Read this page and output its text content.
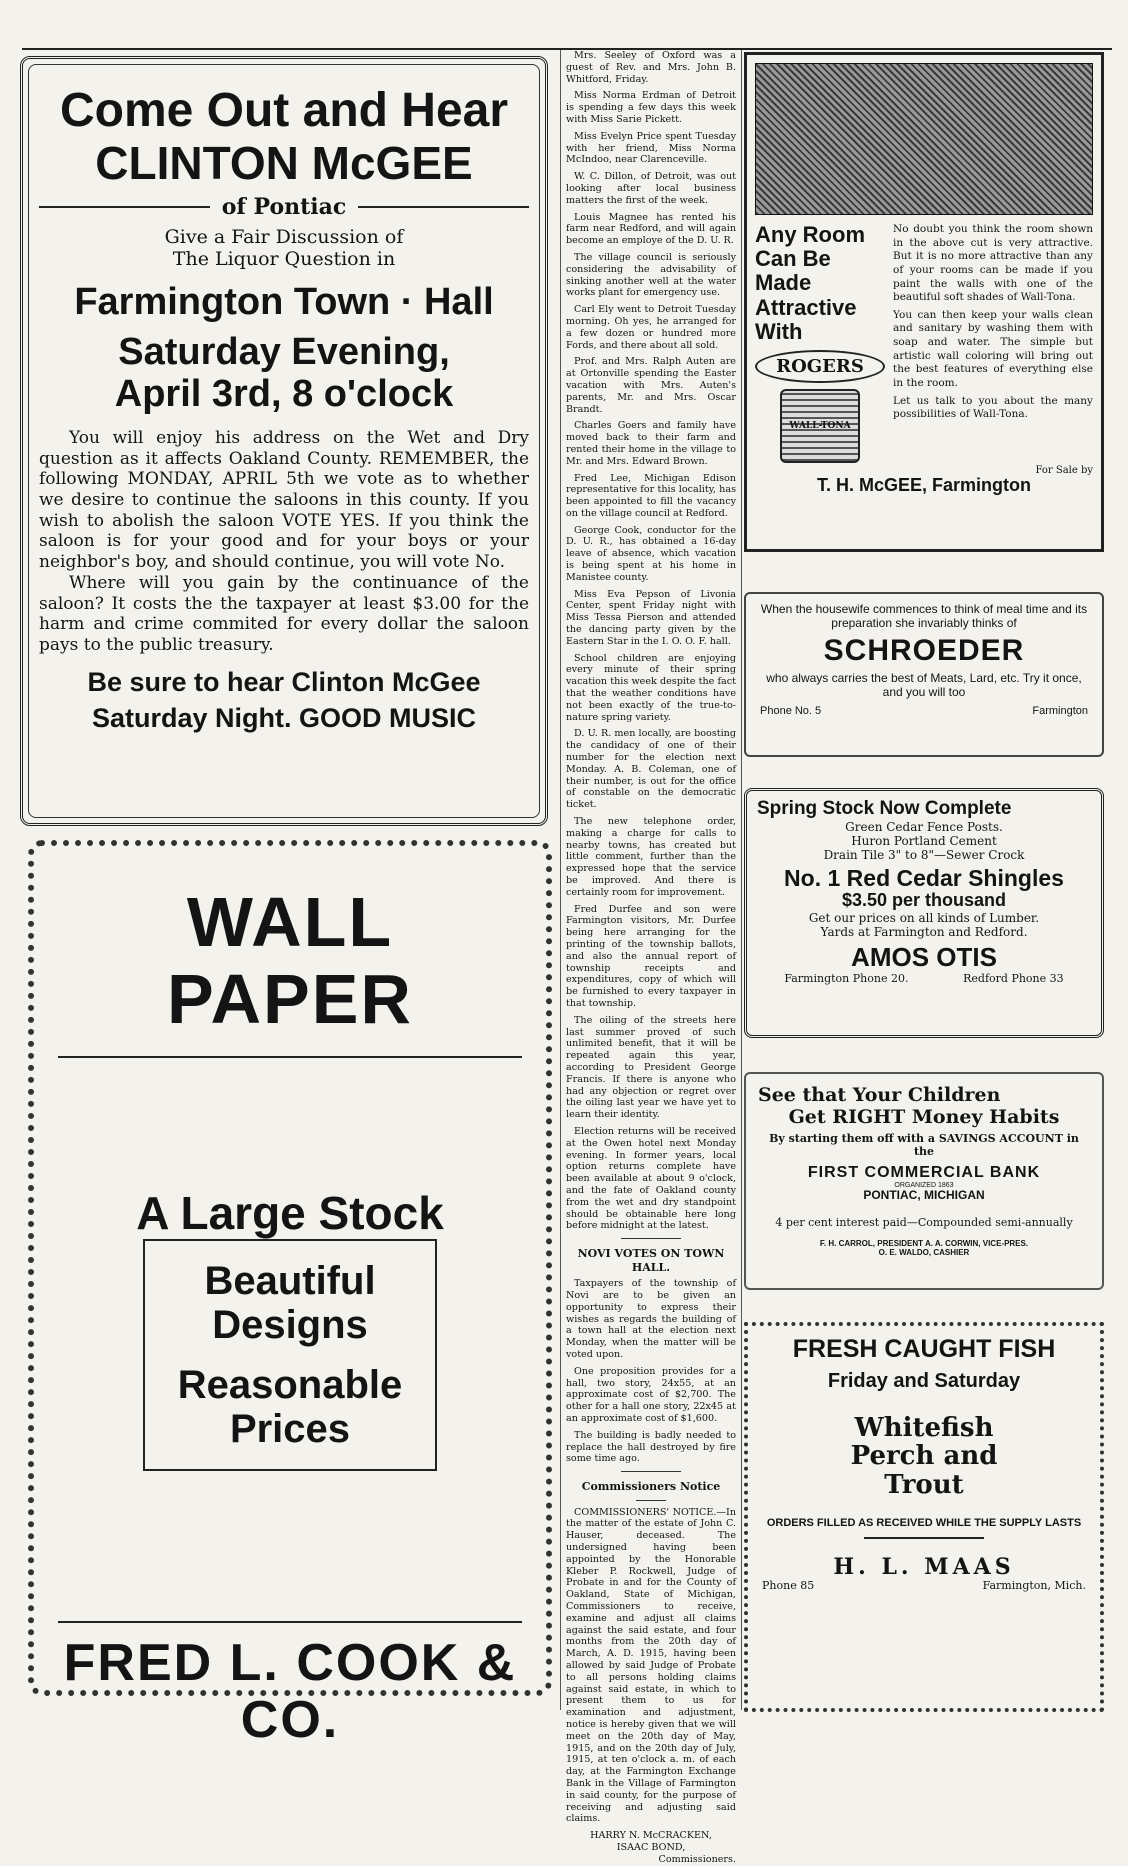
Come Out and Hear
CLINTON McGEE
of Pontiac
Give a Fair Discussion of
The Liquor Question in
Farmington Town · Hall
Saturday Evening,
April 3rd, 8 o'clock

You will enjoy his address on the Wet and Dry question as it affects Oakland County. REMEMBER, the following MONDAY, APRIL 5th we vote as to whether we desire to continue the saloons in this county. If you wish to abolish the saloon VOTE YES. If you think the saloon is for your good and for your boys or your neighbor's boy, and should continue, you will vote No.

Where will you gain by the continuance of the saloon? It costs the the taxpayer at least $3.00 for the harm and crime commited for every dollar the saloon pays to the public treasury.

Be sure to hear Clinton McGee
Saturday Night. GOOD MUSIC
WALL PAPER
A Large Stock
Beautiful
Designs
Reasonable
Prices
FRED L. COOK & CO.

Mrs. Seeley of Oxford was a guest of Rev. and Mrs. John B. Whitford, Friday.

Miss Norma Erdman of Detroit is spending a few days this week with Miss Sarie Pickett.

Miss Evelyn Price spent Tuesday with her friend, Miss Norma McIndoo, near Clarenceville.

W. C. Dillon, of Detroit, was out looking after local business matters the first of the week.

Louis Magnee has rented his farm near Redford, and will again become an employe of the D. U. R.

The village council is seriously considering the advisability of sinking another well at the water works plant for emergency use.

Carl Ely went to Detroit Tuesday morning. Oh yes, he arranged for a few dozen or hundred more Fords, and there about all sold.

Prof. and Mrs. Ralph Auten are at Ortonville spending the Easter vacation with Mrs. Auten's parents, Mr. and Mrs. Oscar Brandt.

Charles Goers and family have moved back to their farm and rented their home in the village to Mr. and Mrs. Edward Brown.

Fred Lee, Michigan Edison representative for this locality, has been appointed to fill the vacancy on the village council at Redford.

George Cook, conductor for the D. U. R., has obtained a 16-day leave of absence, which vacation is being spent at his home in Manistee county.

Miss Eva Pepson of Livonia Center, spent Friday night with Miss Tessa Pierson and attended the dancing party given by the Eastern Star in the I. O. O. F. hall.

School children are enjoying every minute of their spring vacation this week despite the fact that the weather conditions have not been exactly of the true-to-nature spring variety.

D. U. R. men locally, are boosting the candidacy of one of their number for the election next Monday. A. B. Coleman, one of their number, is out for the office of constable on the democratic ticket.

The new telephone order, making a charge for calls to nearby towns, has created but little comment, further than the expressed hope that the service be improved. And there is certainly room for improvement.

Fred Durfee and son were Farmington visitors, Mr. Durfee being here arranging for the printing of the township ballots, and also the annual report of township receipts and expenditures, copy of which will be furnished to every taxpayer in that township.

The oiling of the streets here last summer proved of such unlimited benefit, that it will be repeated again this year, according to President George Francis. If there is anyone who had any objection or regret over the oiling last year we have yet to learn their identity.

Election returns will be received at the Owen hotel next Monday evening. In former years, local option returns complete have been available at about 9 o'clock, and the fate of Oakland county from the wet and dry standpoint should be obtainable here long before midnight at the latest.

NOVI VOTES ON TOWN HALL.

Taxpayers of the township of Novi are to be given an opportunity to express their wishes as regards the building of a town hall at the election next Monday, when the matter will be voted upon.

One proposition provides for a hall, two story, 24x55, at an approximate cost of $2,700. The other for a hall one story, 22x45 at an approximate cost of $1,600.

The building is badly needed to replace the hall destroyed by fire some time ago.

Commissioners Notice

COMMISSIONERS' NOTICE.—In the matter of the estate of John C. Hauser, deceased. The undersigned having been appointed by the Honorable Kleber P. Rockwell, Judge of Probate in and for the County of Oakland, State of Michigan, Commissioners to receive, examine and adjust all claims against the said estate, and four months from the 20th day of March, A. D. 1915, having been allowed by said Judge of Probate to all persons holding claims against said estate, in which to present them to us for examination and adjustment, notice is hereby given that we will meet on the 20th day of May, 1915, and on the 20th day of July, 1915, at ten o'clock a. m. of each day, at the Farmington Exchange Bank in the Village of Farmington in said county, for the purpose of receiving and adjusting said claims.

HARRY N. McCRACKEN,
ISAAC BOND,
Commissioners.
Any Room Can Be Made Attractive With
ROGERS
WALL-TONA

No doubt you think the room shown in the above cut is very attractive. But it is no more attractive than any of your rooms can be made if you paint the walls with one of the beautiful soft shades of Wall-Tona.

You can then keep your walls clean and sanitary by washing them with soap and water. The simple but artistic wall coloring will bring out the best features of everything else in the room.

Let us talk to you about the many possibilities of Wall-Tona.

For Sale by
T. H. McGEE, Farmington
When the housewife commences to think of meal time and its preparation she invariably thinks of
SCHROEDER
who always carries the best of Meats, Lard, etc. Try it once, and you will too
Phone No. 5	Farmington
Spring Stock Now Complete
Green Cedar Fence Posts.
Huron Portland Cement
Drain Tile 3" to 8"—Sewer Crock
No. 1 Red Cedar Shingles
$3.50 per thousand
Get our prices on all kinds of Lumber.
Yards at Farmington and Redford.
AMOS OTIS
Farmington Phone 20.	Redford Phone 33
See that Your Children
Get RIGHT Money Habits
By starting them off with a SAVINGS ACCOUNT in the
FIRST COMMERCIAL BANK
ORGANIZED 1863
PONTIAC, MICHIGAN
4 per cent interest paid—Compounded semi-annually
F. H. CARROL, PRESIDENT A. A. CORWIN, VICE-PRES.
O. E. WALDO, CASHIER
FRESH CAUGHT FISH
Friday and Saturday
Whitefish
Perch and
Trout
ORDERS FILLED AS RECEIVED WHILE THE SUPPLY LASTS
H. L. MAAS
Phone 85	Farmington, Mich.
